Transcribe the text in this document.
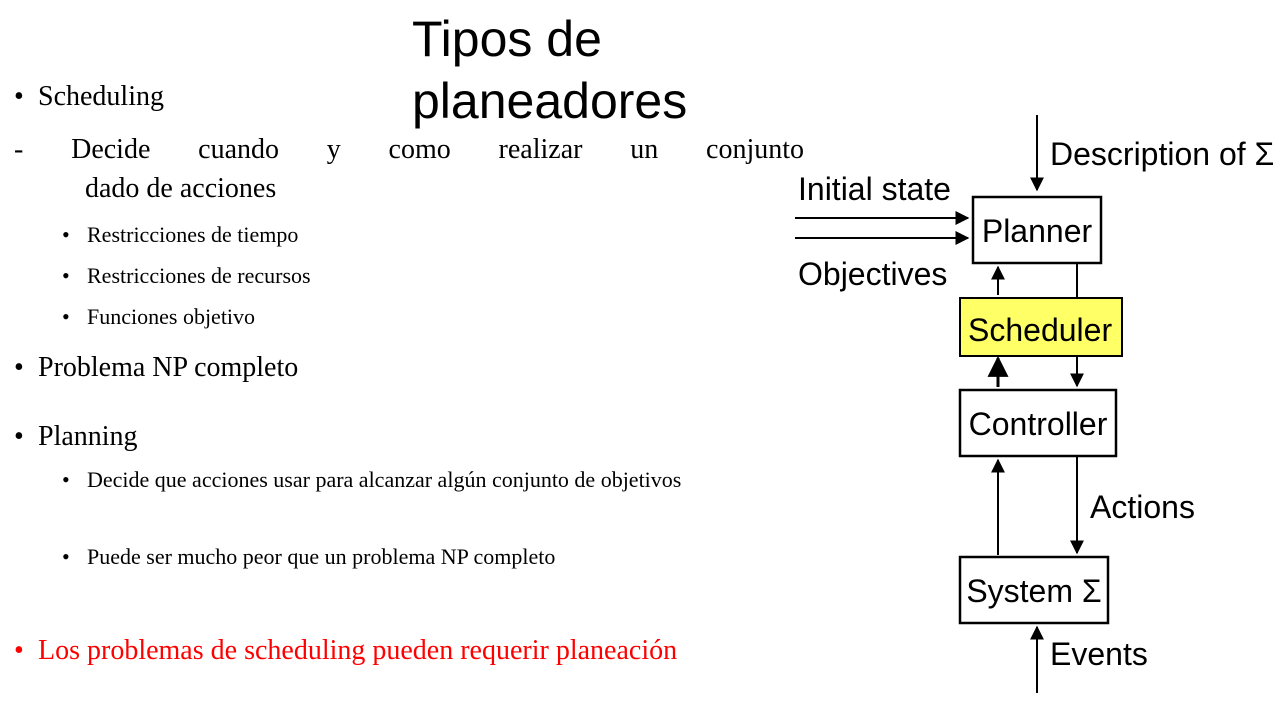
Tipos de planeadores
• Scheduling
- Decide cuando y como realizar un conjunto
dado de acciones
• Restricciones de tiempo
• Restricciones de recursos
• Funciones objetivo
• Problema NP completo
• Planning
• Decide que acciones usar para alcanzar algún conjunto de objetivos
• Puede ser mucho peor que un problema NP completo
• Los problemas de scheduling pueden requerir planeación
Description of Σ
Initial state
Objectives
Planner
Scheduler
Controller
Actions
System Σ
Events
